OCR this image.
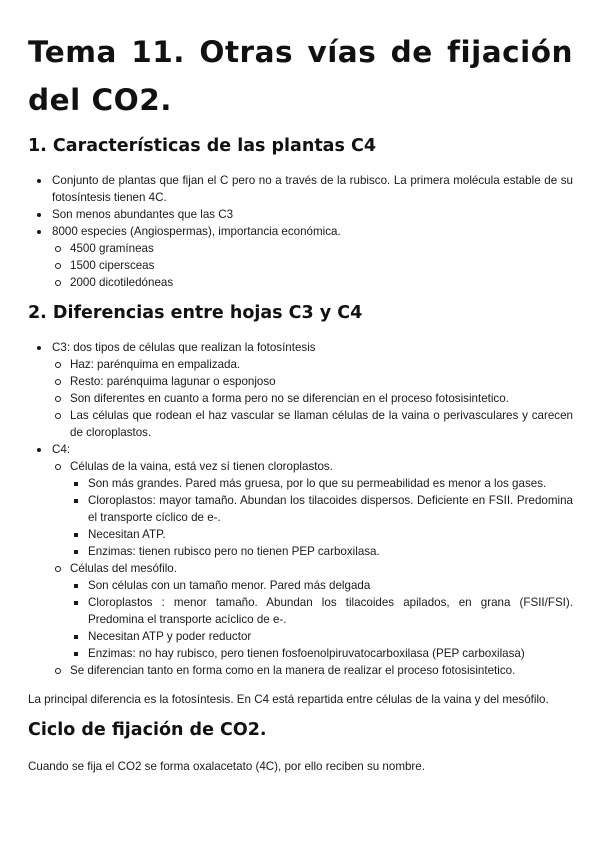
Tema 11. Otras vías de fijación del CO2.
1. Características de las plantas C4
Conjunto de plantas que fijan el C pero no a través de la rubisco. La primera molécula estable de su fotosíntesis tienen 4C.
Son menos abundantes que las C3
8000 especies (Angiospermas), importancia económica.
4500 gramíneas
1500 cipersceas
2000 dicotiledóneas
2. Diferencias entre hojas C3 y C4
C3: dos tipos de células que realizan la fotosíntesis
Haz: parénquima en empalizada.
Resto: parénquima lagunar o esponjoso
Son diferentes en cuanto a forma pero no se diferencian en el proceso fotosisintetico.
Las células que rodean el haz vascular se llaman células de la vaina o perivasculares y carecen de cloroplastos.
C4:
Células de la vaina, está vez sí tienen cloroplastos.
Son más grandes. Pared más gruesa, por lo que su permeabilidad es menor a los gases.
Cloroplastos: mayor tamaño. Abundan los tilacoides dispersos. Deficiente en FSII. Predomina el transporte cíclico de e-.
Necesitan ATP.
Enzimas: tienen rubisco pero no tienen PEP carboxilasa.
Células del mesófilo.
Son células con un tamaño menor. Pared más delgada
Cloroplastos : menor tamaño. Abundan los tilacoides apilados, en grana (FSII/FSI). Predomina el transporte acíclico de e-.
Necesitan ATP y poder reductor
Enzimas: no hay rubisco, pero tienen fosfoenolpiruvatocarboxilasa (PEP carboxilasa)
Se diferencian tanto en forma como en la manera de realizar el proceso fotosisintetico.

La principal diferencia es la fotosíntesis. En C4 está repartida entre células de la vaina y del mesófilo.

Ciclo de fijación de CO2.

Cuando se fija el CO2 se forma oxalacetato (4C), por ello reciben su nombre.
